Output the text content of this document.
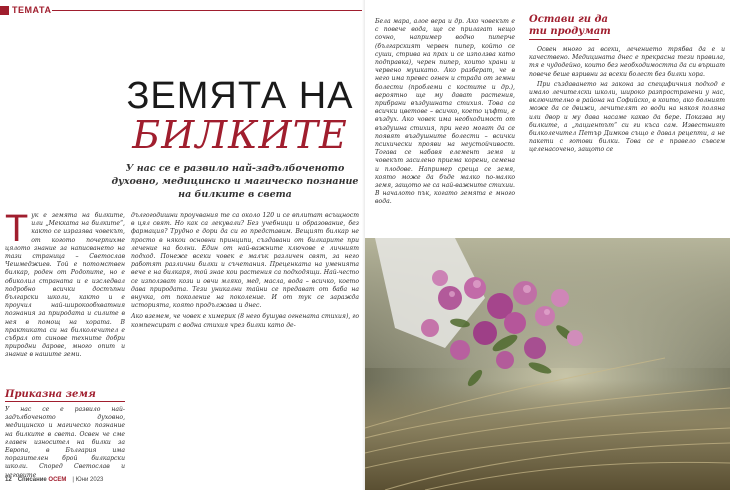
ТЕМАТА
ЗЕМЯТА НА
БИЛКИТЕ
У нас се е развило най-задълбоченото духовно, медицинско и магическо познание на билките в света

Т ук е земята на билките, или „Мекката на билките“, както се изразява човекът, от когото почерпихме цялото знание за написването на тази страница – Светослав Чешмеджиев. Той е потомствен билкар, роден от Родопите, но е обиколил страната и е изследвал подробно всички достъпни български школи, както и е проучил най-широкообхватния познания за природата и силите в нея в помощ на хората. В практиката си на билколечител е събрал от синове техните добри природни дарове, много опит и знание в нашите земи.

Приказна земя

У нас се е развило най-задълбоченото духовно, медицинско и магическо познание на билките в света. Освен че сме главен износител на билки за Европа, в България има поразителен брой билкарски школи. Според Светослав и неговите

дългогодишни проучвания те са около 120 и се вплитат всъщност в цял свят. Но как са лекували? Без учебници и образование, без фармация? Трудно е дори да си го представим. Вещият билкар не просто в някои основни принципи, създавани от билкарите при лечение на болни. Един от най-важните ключове е личният подход. Понеже всеки човек е малък различен свят, за него работят различни билки и съчетания. Преценката на уменията вече е на билкаря, той знае кои растения са подходящи. Най-често се използват кози и овчи мляко, мед, масла, вода – всичко, което дава природата. Тези уникални тайни се предават от баба на внучка, от поколение на поколение. И от тук се заражда историята, която продължава и днес.

Ако вземем, че човек е химерик (8 него бушува огнената стихия), го компенсират с водна стихия чрез билки като де-

12 Списание ОСЕМ | Юни 2023

Бела мара, алое вера и др. Ако човекът е с повече вода, ще се прилагат нещо сочно, например водно пиперче (българският червен пипер, който се суши, стрива на прах и се използва като подправка), черен пипер, които храни и червено мушкато. Ако разберат, че в него има превес огнен и страда от земни болести (проблеми с костите и др.), вероятно ще му дават растения, прибрани въздушната стихия. Това са всички цветове – всичко, което цъфти, е въздух. Ако човек има необходимост от въздушна стихия, при него могат да се появят въздушните болести – всички психически прояви на неустойчивост. Тогава се набавя елемент земя и човекът засилено приема корени, семена и плодове. Например среща се земя, която може да бъде малко по-малко земя, защото не са най-важните стихии. В началото пък, когато земята е много вода.

Остави ги да
ти продумат

Освен много за всеки, лечението трябва да е и качествено. Медицината днес е прекрасна тези правила, тя е чудодейно, които без необходимостта да си вършат повече беше взривни за всеки болест без билки хора.

При създаването на закона за специфичния подход е имало лечителски школи, широко разпространени у нас, включително в района на Софийско, в които, ако болният може да се движи, лечителят го води на някоя поляна или двор и му дава насаме какво да бере. Показва му билките, а „пациентът“ си ги къса сам. Известният билколечител Петър Димков също е давал рецепти, а не пакети с готови билки. Това се е правело съвсем целенасочено, защото се
